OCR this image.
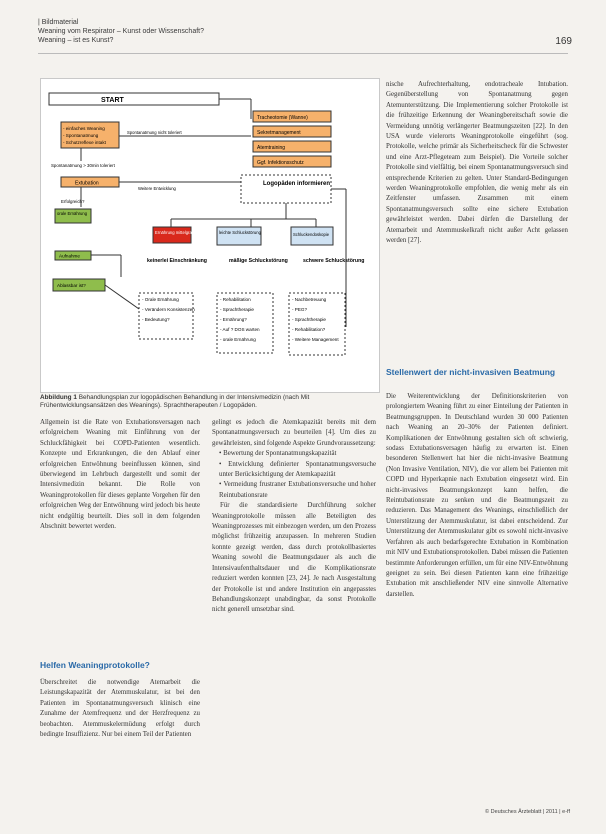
| Bildmaterial
Weaning vom Respirator – Kunst oder Wissenschaft?
Weaning – ist es Kunst?	169
START
- einfaches Weaning
- Spontanatmung
- Schutzreflexe intakt
Spontanatmung nicht toleriert
Tracheotomie (Wanne)
Sekretmanagement
Atemtraining
Ggf. Infektionsschutz
Spontanatmung > 30min toleriert
Extubation
Erfolgreich?
Weitere Entwicklung
Logopäden informieren
orale Ernährung
Ernährung mittelgradig	leichte Schluckstörung	Schluckendoskopie
Aufnahme
keinerlei Einschränkung	mäßige Schluckstörung	schwere Schluckstörung
Ablassbar ist?
- Orale Ernährung
- Verändern Konsistenzen
- Bedeutung?
- Rehabilitation
- Sprachtherapie
- Ernährung?
- Auf ? DOS warten
- orale Ernährung
- Nachbetreuung
- PEG?
- Sprachtherapie
- Rehabilitation?
- Weitere Management
Abbildung 1 Behandlungsplan zur logopädischen Behandlung in der Intensivmedizin (nach Mit Frühentwicklungsansätzen des Weanings). Sprachtherapeuten / Logopäden.

nische Aufrechterhaltung, endotracheale Intubation. Gegenüberstellung von Spontanatmung gegen Atemunterstützung. Die Implementierung solcher Protokolle ist die frühzeitige Erkennung der Weaningbereitschaft sowie die Vermeidung unnötig verlängerter Beatmungszeiten [22]. In den USA wurde vielerorts Weaningprotokolle eingeführt (sog. Protokolle, welche primär als Sicherheitscheck für die Schwester und eine Arzt-Pflegeteam zum Beispiel). Die Vorteile solcher Protokolle sind vielfältig, bei einem Spontanatmungsversuch sind entsprechende Kriterien zu gelten. Unter Standard-Bedingungen werden Weaningprotokolle empfohlen, die wenig mehr als ein Zeitfenster umfassen. Zusammen mit einem Spontanatmungsversuch sollte eine sichere Extubation gewährleistet werden. Dabei dürfen die Darstellung der Atemarbeit und Atemmuskelkraft nicht außer Acht gelassen werden [27].

Stellenwert der nicht-invasiven Beatmung

Die Weiterentwicklung der Definitionskriterien von prolongiertem Weaning führt zu einer Einteilung der Patienten in Beatmungsgruppen. In Deutschland wurden 30 000 Patienten nach Weaning an 20–30% der Patienten definiert. Komplikationen der Entwöhnung gestalten sich oft schwierig, sodass Extubationsversagen häufig zu erwarten ist. Einen besonderen Stellenwert hat hier die nicht-invasive Beatmung (Non Invasive Ventilation, NIV), die vor allem bei Patienten mit COPD und Hyperkapnie nach Extubation eingesetzt wird. Ein nicht-invasives Beatmungskonzept kann helfen, die Reintubationsrate zu senken und die Beatmungszeit zu reduzieren. Das Management des Weanings, einschließlich der Unterstützung der Atemmuskulatur, ist dabei entscheidend. Zur Unterstützung der Atemmuskulatur gibt es sowohl nicht-invasive Verfahren als auch bedarfsgerechte Extubation in Kombination mit NIV und Extubationsprotokollen. Dabei müssen die Patienten bestimmte Anforderungen erfüllen, um für eine NIV-Entwöhnung geeignet zu sein. Bei diesen Patienten kann eine frühzeitige Extubation mit anschließender NIV eine sinnvolle Alternative darstellen.

Allgemein ist die Rate von Extubationsversagen nach erfolgreichem Weaning mit Einführung von der Schluckfähigkeit bei COPD-Patienten wesentlich. Konzepte und Erkrankungen, die den Ablauf einer erfolgreichen Entwöhnung beeinflussen können, sind überwiegend im Lehrbuch dargestellt und somit der Intensivmedizin bekannt. Die Rolle von Weaningprotokollen für dieses geplante Vorgehen für den erfolgreichen Weg der Entwöhnung wird jedoch bis heute nicht endgültig beurteilt. Dies soll in dem folgenden Abschnitt bewertet werden.

Helfen Weaningprotokolle?

Überschreitet die notwendige Atemarbeit die Leistungskapazität der Atemmuskulatur, ist bei den Patienten im Spontanatmungsversuch klinisch eine Zunahme der Atemfrequenz und der Herzfrequenz zu beobachten. Atemmuskelermüdung erfolgt durch bedingte Insuffizienz. Nur bei einem Teil der Patienten

gelingt es jedoch die Atemkapazität bereits mit dem Spontanatmungsversuch zu beurteilen [4]. Um dies zu gewährleisten, sind folgende Aspekte Grundvoraussetzung:

• Bewertung der Spontanatmungskapazität
• Entwicklung definierter Spontanatmungsversuche unter Berücksichtigung der Atemkapazität
• Vermeidung frustraner Extubationsversuche und hoher Reintubationsrate

Für die standardisierte Durchführung solcher Weaningprotokolle müssen alle Beteiligten des Weaningprozesses mit einbezogen werden, um den Prozess möglichst frühzeitig anzupassen. In mehreren Studien konnte gezeigt werden, dass durch protokollbasiertes Weaning sowohl die Beatmungsdauer als auch die Intensivaufenthaltsdauer und die Komplikationsrate reduziert werden konnten [23, 24]. Je nach Ausgestaltung der Protokolle ist und andere Institution ein angepasstes Behandlungskonzept unabdingbar, da sonst Protokolle nicht generell umsetzbar sind.

© Deutsches Ärzteblatt | 2011 | e-ff
